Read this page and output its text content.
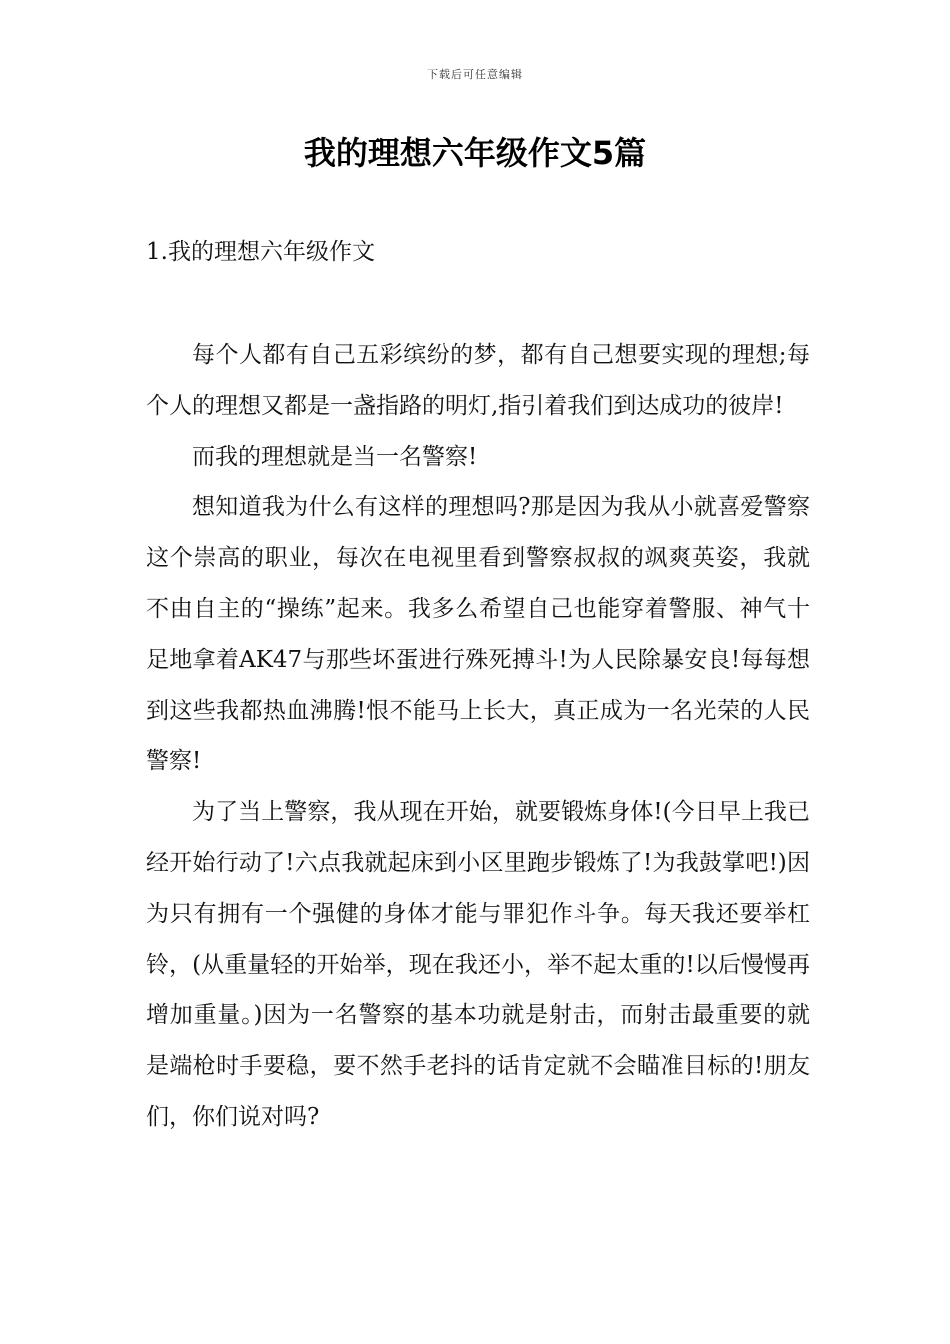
下载后可任意编辑
我的理想六年级作文5篇
1.我的理想六年级作文

每个人都有自己五彩缤纷的梦，都有自己想要实现的理想;每个人的理想又都是一盏指路的明灯,指引着我们到达成功的彼岸!

而我的理想就是当一名警察!

想知道我为什么有这样的理想吗?那是因为我从小就喜爱警察这个崇高的职业，每次在电视里看到警察叔叔的飒爽英姿，我就不由自主的“操练”起来。我多么希望自己也能穿着警服、神气十足地拿着AK47与那些坏蛋进行殊死搏斗!为人民除暴安良!每每想到这些我都热血沸腾!恨不能马上长大，真正成为一名光荣的人民警察!

为了当上警察，我从现在开始，就要锻炼身体!(今日早上我已经开始行动了!六点我就起床到小区里跑步锻炼了!为我鼓掌吧!)因为只有拥有一个强健的身体才能与罪犯作斗争。每天我还要举杠铃，(从重量轻的开始举，现在我还小，举不起太重的!以后慢慢再增加重量。)因为一名警察的基本功就是射击，而射击最重要的就是端枪时手要稳，要不然手老抖的话肯定就不会瞄准目标的!朋友们，你们说对吗?
